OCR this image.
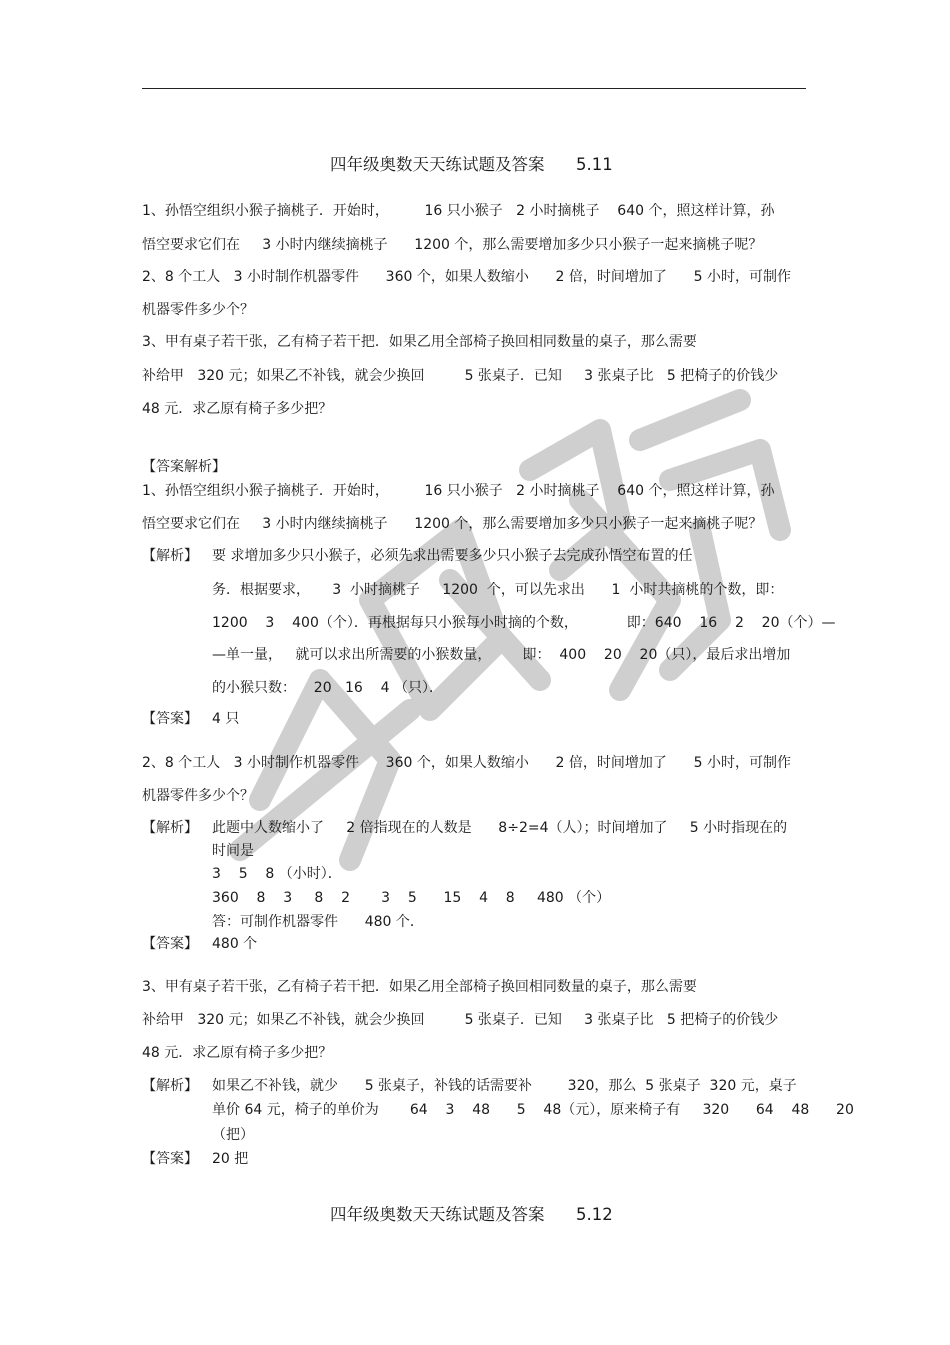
四年级奥数天天练试题及答案      5.11
1、孙悟空组织小猴子摘桃子．开始时，        16 只小猴子   2 小时摘桃子    640 个，照这样计算，孙
悟空要求它们在     3 小时内继续摘桃子      1200 个，那么需要增加多少只小猴子一起来摘桃子呢？
2、8 个工人   3 小时制作机器零件      360 个，如果人数缩小      2 倍，时间增加了      5 小时，可制作
机器零件多少个？
3、甲有桌子若干张，乙有椅子若干把．如果乙用全部椅子换回相同数量的桌子，那么需要
补给甲   320 元；如果乙不补钱，就会少换回         5 张桌子．已知     3 张桌子比   5 把椅子的价钱少
48 元．求乙原有椅子多少把？
【答案解析】
1、孙悟空组织小猴子摘桃子．开始时，        16 只小猴子   2 小时摘桃子    640 个，照这样计算，孙
悟空要求它们在     3 小时内继续摘桃子      1200 个，那么需要增加多少只小猴子一起来摘桃子呢？
【解析】 要 求增加多少只小猴子，必须先求出需要多少只小猴子去完成孙悟空布置的任
务．根据要求，     3  小时摘桃子     1200  个，可以先求出      1  小时共摘桃的个数，即：
1200    3    400（个）．再根据每只小猴每小时摘的个数，           即：640    16    2    20（个）—
—单一量，   就可以求出所需要的小猴数量，       即：  400    20    20（只），最后求出增加
的小猴只数：    20   16    4 （只）．
【答案】 4 只
2、8 个工人   3 小时制作机器零件      360 个，如果人数缩小      2 倍，时间增加了      5 小时，可制作
机器零件多少个？
【解析】 此题中人数缩小了     2 倍指现在的人数是      8÷2=4（人）；时间增加了     5 小时指现在的
时间是
3    5    8 （小时）．
360    8    3     8    2       3    5      15    4    8     480 （个）
答：可制作机器零件      480 个．
【答案】 480 个
3、甲有桌子若干张，乙有椅子若干把．如果乙用全部椅子换回相同数量的桌子，那么需要
补给甲   320 元；如果乙不补钱，就会少换回         5 张桌子．已知     3 张桌子比   5 把椅子的价钱少
48 元．求乙原有椅子多少把？
【解析】 如果乙不补钱，就少      5 张桌子，补钱的话需要补        320，那么  5 张桌子  320 元，桌子
单价 64 元，椅子的单价为       64    3    48      5    48（元），原来椅子有     320      64    48      20
（把）
【答案】 20 把
四年级奥数天天练试题及答案      5.12
